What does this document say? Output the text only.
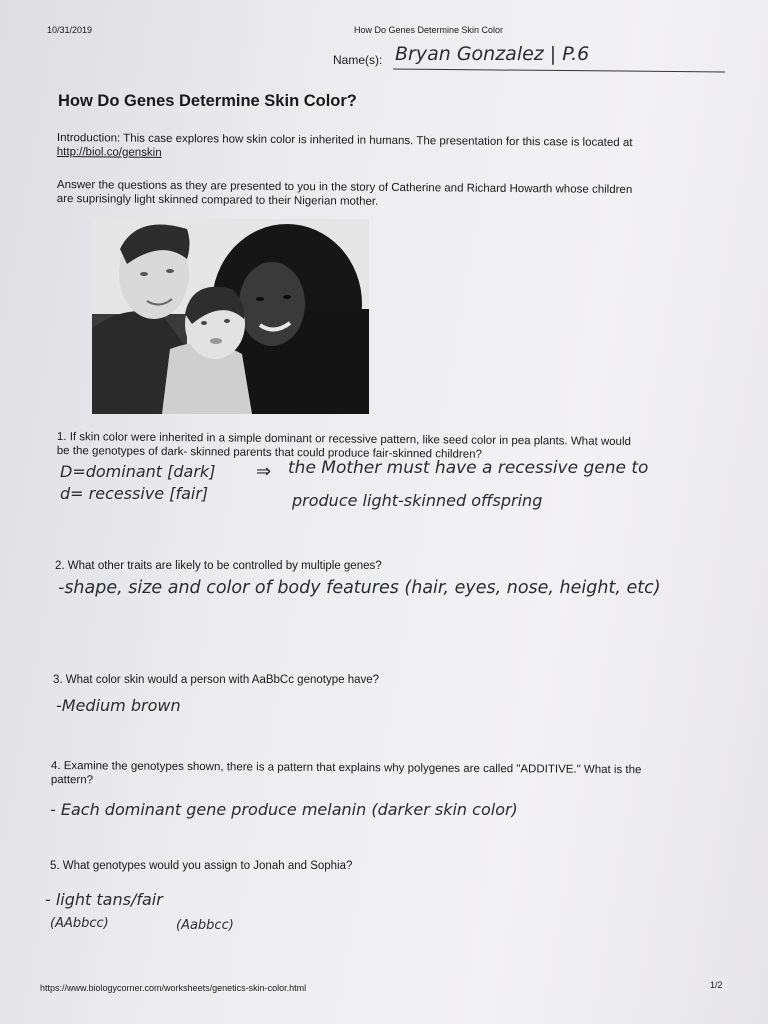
10/31/2019	How Do Genes Determine Skin Color
Name(s): Bryan Gonzalez | P.6
How Do Genes Determine Skin Color?
Introduction: This case explores how skin color is inherited in humans. The presentation for this case is located at
http://biol.co/genskin
Answer the questions as they are presented to you in the story of Catherine and Richard Howarth whose children
are suprisingly light skinned compared to their Nigerian mother.
1. If skin color were inherited in a simple dominant or recessive pattern, like seed color in pea plants. What would
be the genotypes of dark- skinned parents that could produce fair-skinned children?
D=dominant [dark]
d= recessive [fair]
⇒ the Mother must have a recessive gene to
produce light-skinned offspring
2. What other traits are likely to be controlled by multiple genes?
-shape, size and color of body features (hair, eyes, nose, height, etc)
3. What color skin would a person with AaBbCc genotype have?
-Medium brown
4. Examine the genotypes shown, there is a pattern that explains why polygenes are called "ADDITIVE." What is the
pattern?
- Each dominant gene produce melanin (darker skin color)
5. What genotypes would you assign to Jonah and Sophia?
- light tans/fair
(AAbbcc)	(Aabbcc)
https://www.biologycorner.com/worksheets/genetics-skin-color.html	1/2
